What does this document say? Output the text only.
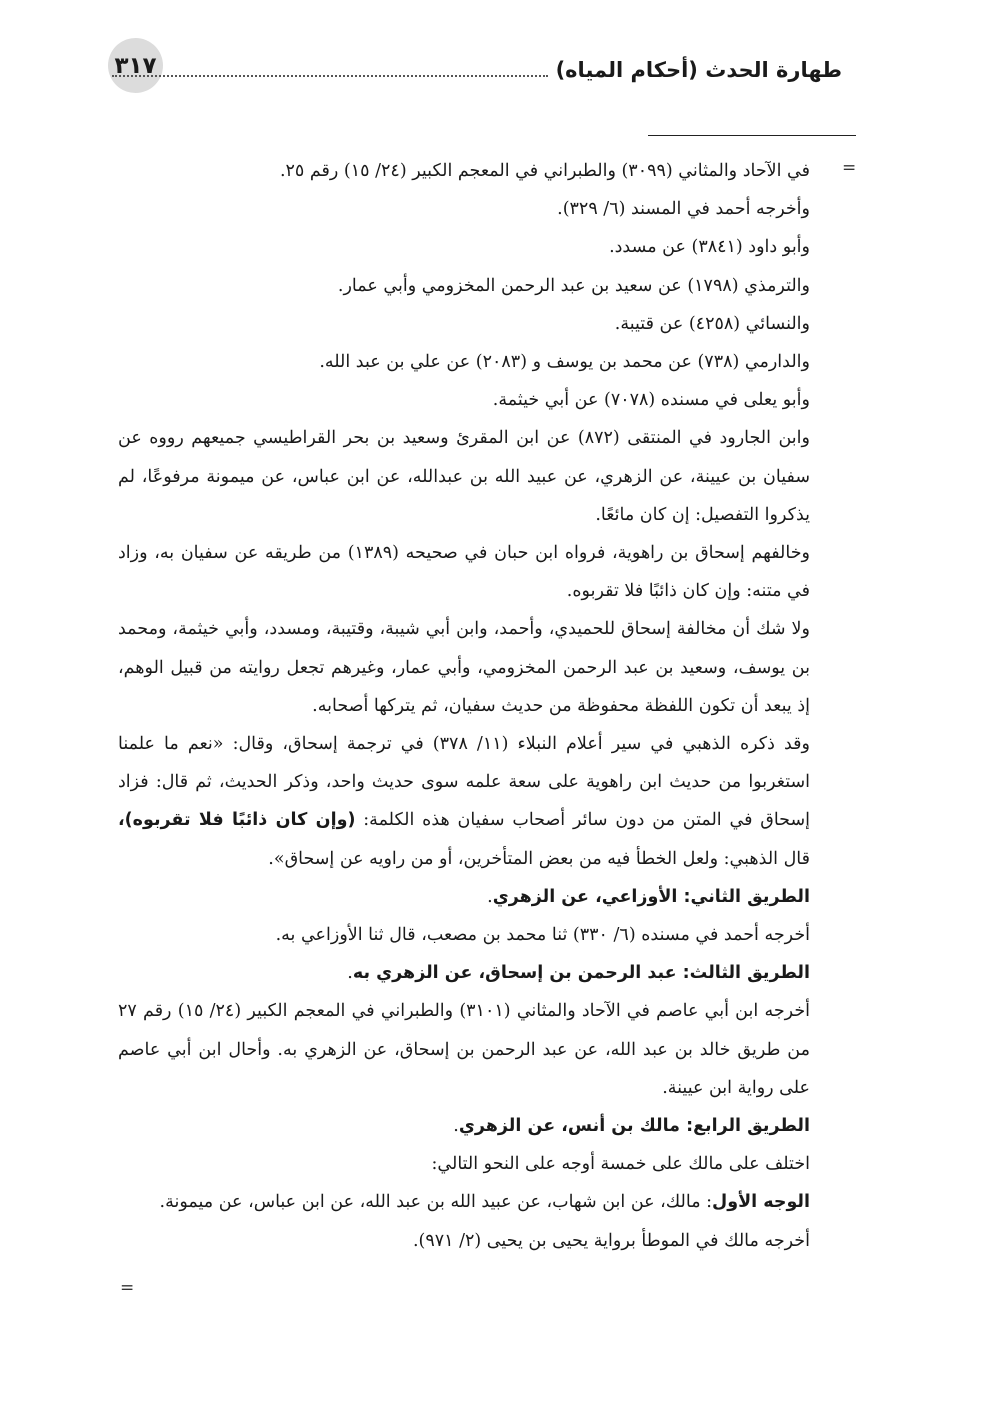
٣١٧	طهارة الحدث (أحكام المياه)
=

في الآحاد والمثاني (٣٠٩٩) والطبراني في المعجم الكبير (٢٤/ ١٥) رقم ٢٥.

وأخرجه أحمد في المسند (٦/ ٣٢٩).

وأبو داود (٣٨٤١) عن مسدد.

والترمذي (١٧٩٨) عن سعيد بن عبد الرحمن المخزومي وأبي عمار.

والنسائي (٤٢٥٨) عن قتيبة.

والدارمي (٧٣٨) عن محمد بن يوسف و (٢٠٨٣) عن علي بن عبد الله.

وأبو يعلى في مسنده (٧٠٧٨) عن أبي خيثمة.

وابن الجارود في المنتقى (٨٧٢) عن ابن المقرئ وسعيد بن بحر القراطيسي جميعهم رووه عن سفيان بن عيينة، عن الزهري، عن عبيد الله بن عبدالله، عن ابن عباس، عن ميمونة مرفوعًا، لم يذكروا التفصيل: إن كان مائعًا.

وخالفهم إسحاق بن راهوية، فرواه ابن حبان في صحيحه (١٣٨٩) من طريقه عن سفيان به، وزاد في متنه: وإن كان ذائبًا فلا تقربوه.

ولا شك أن مخالفة إسحاق للحميدي، وأحمد، وابن أبي شيبة، وقتيبة، ومسدد، وأبي خيثمة، ومحمد بن يوسف، وسعيد بن عبد الرحمن المخزومي، وأبي عمار، وغيرهم تجعل روايته من قبيل الوهم، إذ يبعد أن تكون اللفظة محفوظة من حديث سفيان، ثم يتركها أصحابه.

وقد ذكره الذهبي في سير أعلام النبلاء (١١/ ٣٧٨) في ترجمة إسحاق، وقال: «نعم ما علمنا استغربوا من حديث ابن راهوية على سعة علمه سوى حديث واحد، وذكر الحديث، ثم قال: فزاد إسحاق في المتن من دون سائر أصحاب سفيان هذه الكلمة: (وإن كان ذائبًا فلا تقربوه)، قال الذهبي: ولعل الخطأ فيه من بعض المتأخرين، أو من راويه عن إسحاق».

الطريق الثاني: الأوزاعي، عن الزهري.

أخرجه أحمد في مسنده (٦/ ٣٣٠) ثنا محمد بن مصعب، قال ثنا الأوزاعي به.

الطريق الثالث: عبد الرحمن بن إسحاق، عن الزهري به.

أخرجه ابن أبي عاصم في الآحاد والمثاني (٣١٠١) والطبراني في المعجم الكبير (٢٤/ ١٥) رقم ٢٧ من طريق خالد بن عبد الله، عن عبد الرحمن بن إسحاق، عن الزهري به. وأحال ابن أبي عاصم على رواية ابن عيينة.

الطريق الرابع: مالك بن أنس، عن الزهري.

اختلف على مالك على خمسة أوجه على النحو التالي:

الوجه الأول: مالك، عن ابن شهاب، عن عبيد الله بن عبد الله، عن ابن عباس، عن ميمونة.

أخرجه مالك في الموطأ برواية يحيى بن يحيى (٢/ ٩٧١).

=
